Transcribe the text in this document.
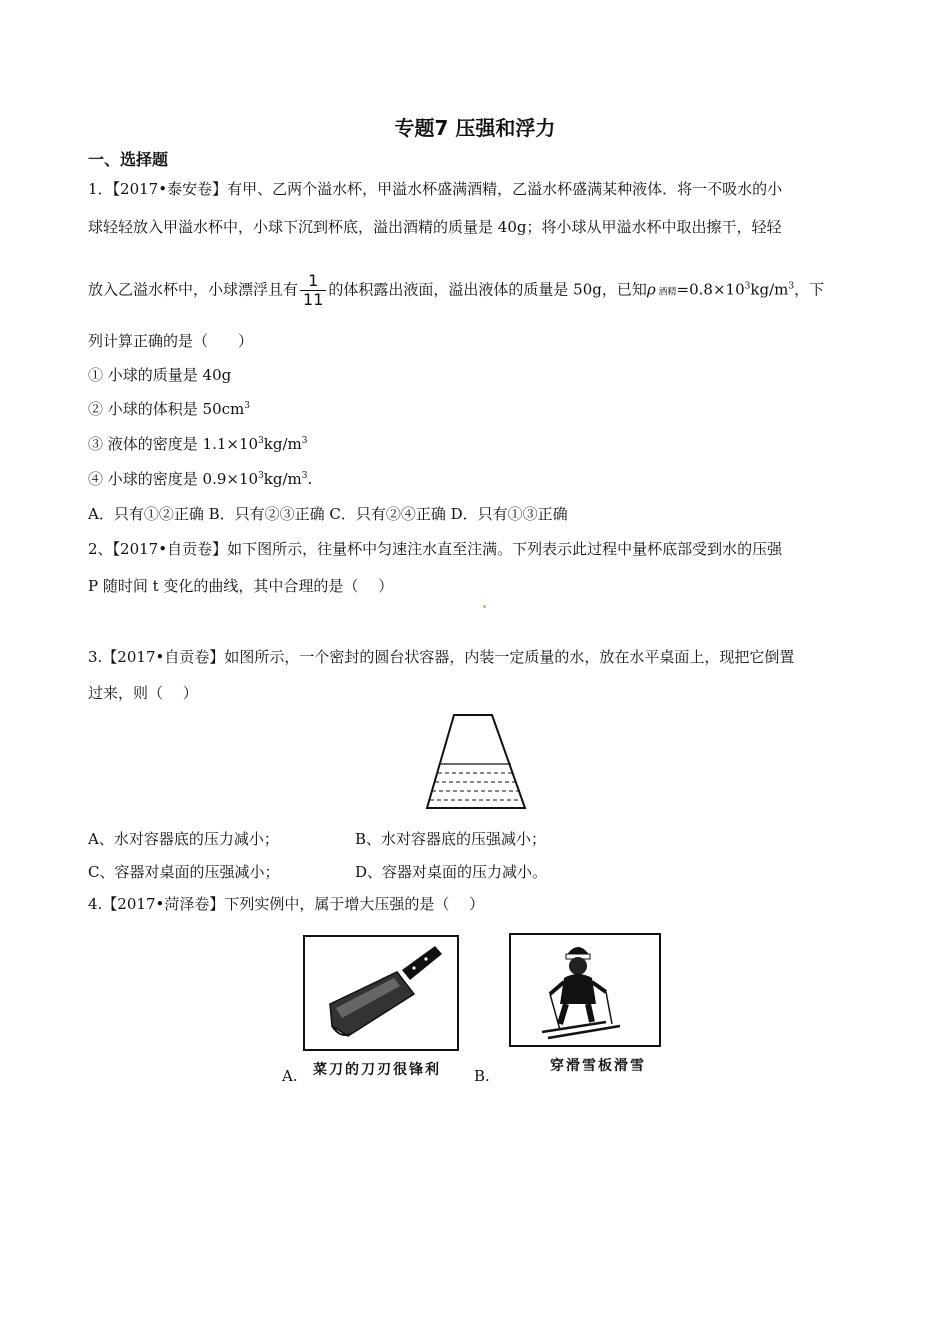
专题7 压强和浮力
一、选择题
1．【2017•泰安卷】有甲、乙两个溢水杯，甲溢水杯盛满酒精，乙溢水杯盛满某种液体．将一不吸水的小
球轻轻放入甲溢水杯中，小球下沉到杯底，溢出酒精的质量是 40g；将小球从甲溢水杯中取出擦干，轻轻
放入乙溢水杯中，小球漂浮且有 $\frac{1}{11}$ 的体积露出液面，溢出液体的质量是 50g，已知ρ 酒精$=0.8\times 10^3kg/m^3$，下
列计算正确的是（　　）
① 小球的质量是 40g
② 小球的体积是 $50cm^3$
③ 液体的密度是 $1.1\times 10^3kg/m^3$
④ 小球的密度是 $0.9\times 10^3kg/m^3$.
A．只有①②正确 B．只有②③正确 C．只有②④正确 D．只有①③正确
2、【2017•自贡卷】如下图所示，往量杯中匀速注水直至注满。下列表示此过程中量杯底部受到水的压强
P 随时间 t 变化的曲线，其中合理的是（　 ）
3.【2017•自贡卷】如图所示，一个密封的圆台状容器，内装一定质量的水，放在水平桌面上，现把它倒置
过来，则（　 ）
A、水对容器底的压力减小；	B、水对容器底的压强减小；
C、容器对桌面的压强减小；	D、容器对桌面的压力减小。
4.【2017•菏泽卷】下列实例中，属于增大压强的是（　 ）
A. 菜刀的刀刃很锋利 B.
穿滑雪板滑雪
